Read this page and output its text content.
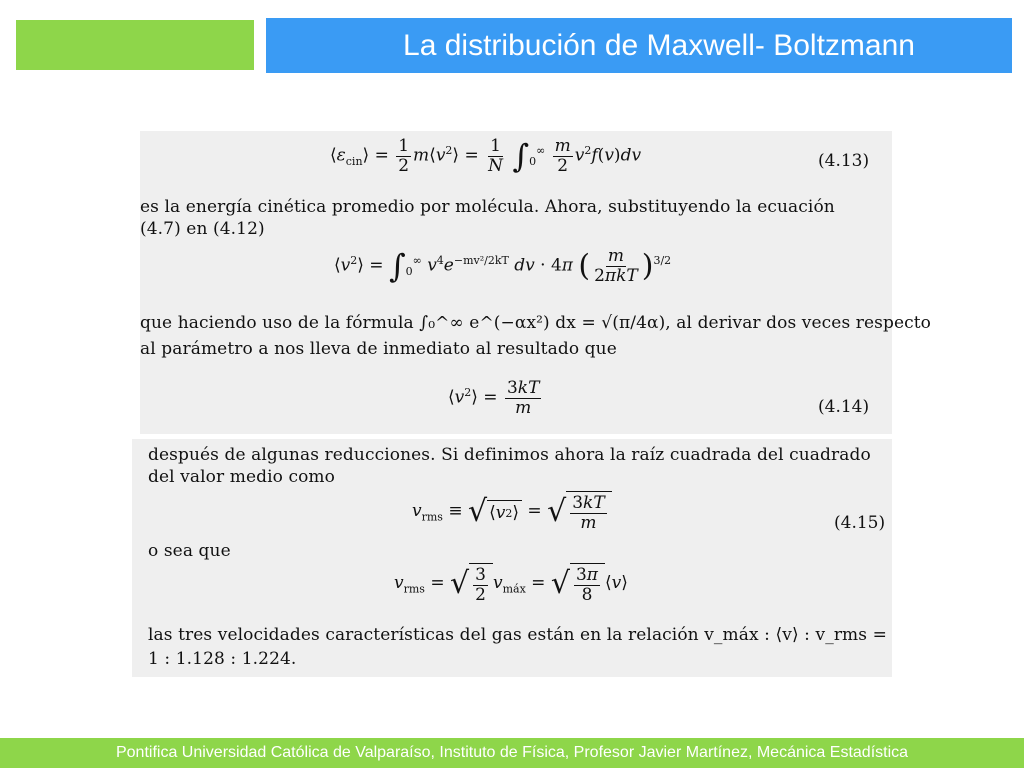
La distribución de Maxwell- Boltzmann
$⟨\varepsilon_{cin}⟩ = \frac{1}{2}$ $m⟨v^2⟩ = \frac{1}{N} \int_0^\infty \frac{m}{2} v^2f(v)dv$	(4.13)
es la energía cinética promedio por molécula. Ahora, substituyendo la ecuación
(4.7) en (4.12)
$⟨v^2⟩ = \int_0^\infty$ $v^4e^{-mv^2/2kT}$ dv · 4π ( $\frac{m}{\text{2πkT}} )^{3/2}$
que haciendo uso de la fórmula ∫₀^∞ e^(−αx²) dx = √(π/4α), al derivar dos veces respecto
al parámetro a nos lleva de inmediato al resultado que
$⟨v^2⟩ = \frac{3kT}{m}$	(4.14)
después de algunas reducciones. Si definimos ahora la raíz cuadrada del cuadrado
del valor medio como
$v_{rms}$ ≡ √ ⟨ v 2 ⟩ = √ $\frac{3kT}{m}$	(4.15)
o sea que
$v_{rms}$ = √ $\frac{3}{2} v_{máx}$ = √ $\frac{3\pi}{8}$ ⟨v⟩
las tres velocidades características del gas están en la relación v_máx : ⟨v⟩ : v_rms =
1 : 1.128 : 1.224.
Pontifica Universidad Católica de Valparaíso, Instituto de Física, Profesor Javier Martínez, Mecánica Estadística
